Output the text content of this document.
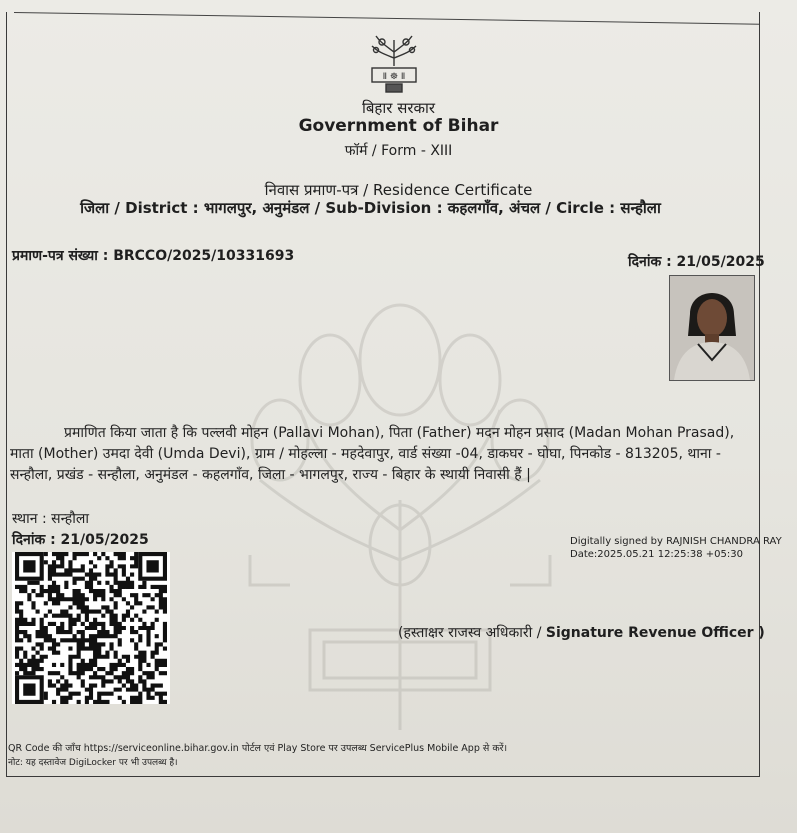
Ⅱ ☸ Ⅱ
बिहार सरकार
Government of Bihar
फॉर्म / Form - XIII
निवास प्रमाण-पत्र / Residence Certificate
जिला / District : भागलपुर, अनुमंडल / Sub-Division : कहलगाँव, अंचल / Circle : सन्हौला
प्रमाण-पत्र संख्या : BRCCO/2025/10331693	दिनांक : 21/05/2025
प्रमाणित किया जाता है कि पल्लवी मोहन (Pallavi Mohan), पिता (Father) मदन मोहन प्रसाद (Madan Mohan Prasad),
माता (Mother) उमदा देवी (Umda Devi), ग्राम / मोहल्ला - महदेवापुर, वार्ड संख्या -04, डाकघर - घोघा, पिनकोड - 813205, थाना -
सन्हौला, प्रखंड - सन्हौला, अनुमंडल - कहलगाँव, जिला - भागलपुर, राज्य - बिहार के स्थायी निवासी हैं |
स्थान : सन्हौला
दिनांक : 21/05/2025	Digitally signed by RAJNISH CHANDRA RAY
Date:2025.05.21 12:25:38 +05:30
(हस्ताक्षर राजस्व अधिकारी / Signature Revenue Officer )
QR Code की जाँच https://serviceonline.bihar.gov.in पोर्टल एवं Play Store पर उपलब्ध ServicePlus Mobile App से करें।
नोट: यह दस्तावेज DigiLocker पर भी उपलब्ध है।
